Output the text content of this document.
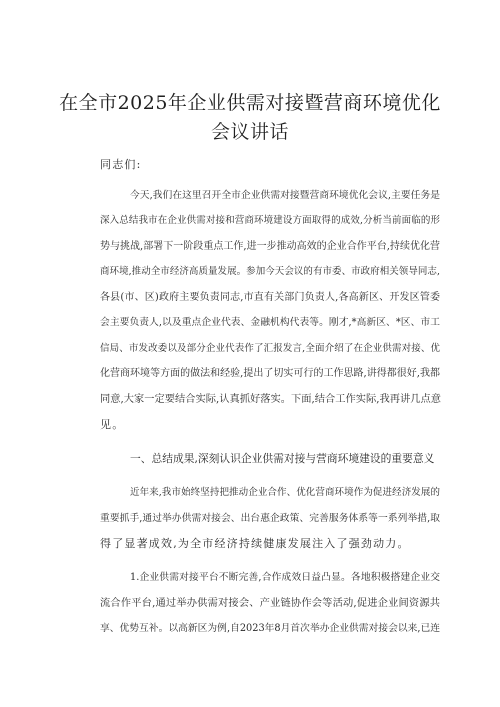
在全市2025年企业供需对接暨营商环境优化
会议讲话
同志们:
今天,我们在这里召开全市企业供需对接暨营商环境优化会议,主要任务是
深入总结我市在企业供需对接和营商环境建设方面取得的成效,分析当前面临的形
势与挑战,部署下一阶段重点工作,进一步推动高效的企业合作平台,持续优化营
商环境,推动全市经济高质量发展。参加今天会议的有市委、市政府相关领导同志,
各县(市、区)政府主要负责同志,市直有关部门负责人,各高新区、开发区管委
会主要负责人,以及重点企业代表、金融机构代表等。刚才,*高新区、*区、市工
信局、市发改委以及部分企业代表作了汇报发言,全面介绍了在企业供需对接、优
化营商环境等方面的做法和经验,提出了切实可行的工作思路,讲得都很好,我都
同意,大家一定要结合实际,认真抓好落实。下面,结合工作实际,我再讲几点意
见。
一、总结成果,深刻认识企业供需对接与营商环境建设的重要意义
近年来,我市始终坚持把推动企业合作、优化营商环境作为促进经济发展的
重要抓手,通过举办供需对接会、出台惠企政策、完善服务体系等一系列举措,取
得了显著成效,为全市经济持续健康发展注入了强劲动力。
1.企业供需对接平台不断完善,合作成效日益凸显。各地积极搭建企业交
流合作平台,通过举办供需对接会、产业链协作会等活动,促进企业间资源共
享、优势互补。以高新区为例,自2023年8月首次举办企业供需对接会以来,已连
